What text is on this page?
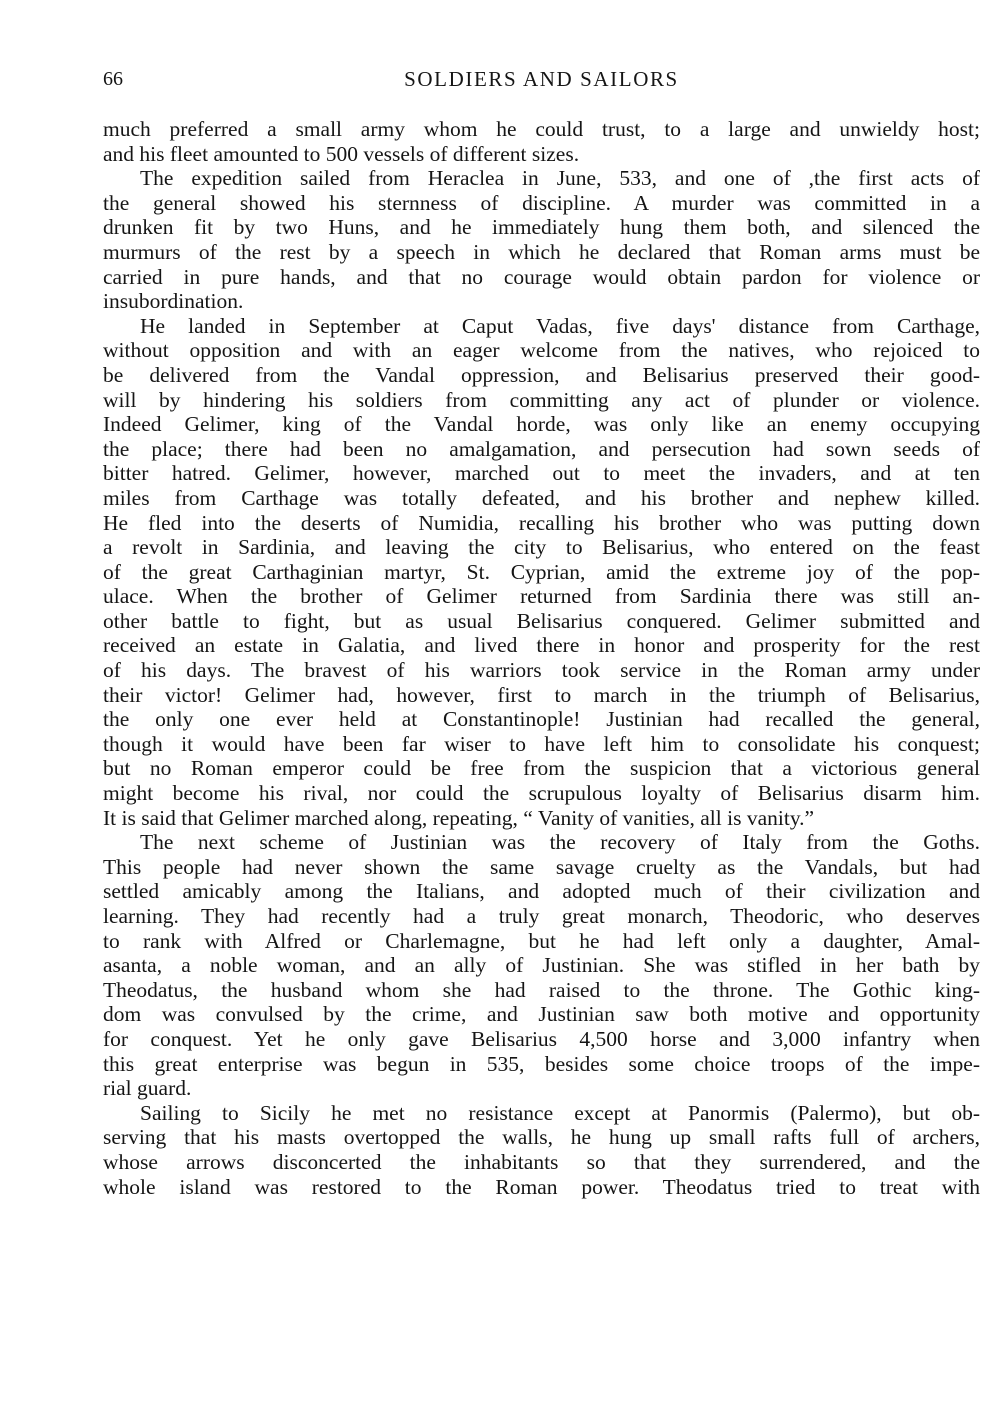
66	SOLDIERS AND SAILORS

much preferred a small army whom he could trust, to a large and unwieldy host;
and his fleet amounted to 500 vessels of different sizes.

The expedition sailed from Heraclea in June, 533, and one of ,the first acts of
the general showed his sternness of discipline. A murder was committed in a
drunken fit by two Huns, and he immediately hung them both, and silenced the
murmurs of the rest by a speech in which he declared that Roman arms must be
carried in pure hands, and that no courage would obtain pardon for violence or
insubordination.

He landed in September at Caput Vadas, five days' distance from Carthage,
without opposition and with an eager welcome from the natives, who rejoiced to
be delivered from the Vandal oppression, and Belisarius preserved their good-
will by hindering his soldiers from committing any act of plunder or violence.
Indeed Gelimer, king of the Vandal horde, was only like an enemy occupying
the place; there had been no amalgamation, and persecution had sown seeds of
bitter hatred. Gelimer, however, marched out to meet the invaders, and at ten
miles from Carthage was totally defeated, and his brother and nephew killed.
He fled into the deserts of Numidia, recalling his brother who was putting down
a revolt in Sardinia, and leaving the city to Belisarius, who entered on the feast
of the great Carthaginian martyr, St. Cyprian, amid the extreme joy of the pop-
ulace. When the brother of Gelimer returned from Sardinia there was still an-
other battle to fight, but as usual Belisarius conquered. Gelimer submitted and
received an estate in Galatia, and lived there in honor and prosperity for the rest
of his days. The bravest of his warriors took service in the Roman army under
their victor! Gelimer had, however, first to march in the triumph of Belisarius,
the only one ever held at Constantinople! Justinian had recalled the general,
though it would have been far wiser to have left him to consolidate his conquest;
but no Roman emperor could be free from the suspicion that a victorious general
might become his rival, nor could the scrupulous loyalty of Belisarius disarm him.
It is said that Gelimer marched along, repeating, “ Vanity of vanities, all is vanity.”

The next scheme of Justinian was the recovery of Italy from the Goths.
This people had never shown the same savage cruelty as the Vandals, but had
settled amicably among the Italians, and adopted much of their civilization and
learning. They had recently had a truly great monarch, Theodoric, who deserves
to rank with Alfred or Charlemagne, but he had left only a daughter, Amal-
asanta, a noble woman, and an ally of Justinian. She was stifled in her bath by
Theodatus, the husband whom she had raised to the throne. The Gothic king-
dom was convulsed by the crime, and Justinian saw both motive and opportunity
for conquest. Yet he only gave Belisarius 4,500 horse and 3,000 infantry when
this great enterprise was begun in 535, besides some choice troops of the impe-
rial guard.

Sailing to Sicily he met no resistance except at Panormis (Palermo), but ob-
serving that his masts overtopped the walls, he hung up small rafts full of archers,
whose arrows disconcerted the inhabitants so that they surrendered, and the
whole island was restored to the Roman power. Theodatus tried to treat with
